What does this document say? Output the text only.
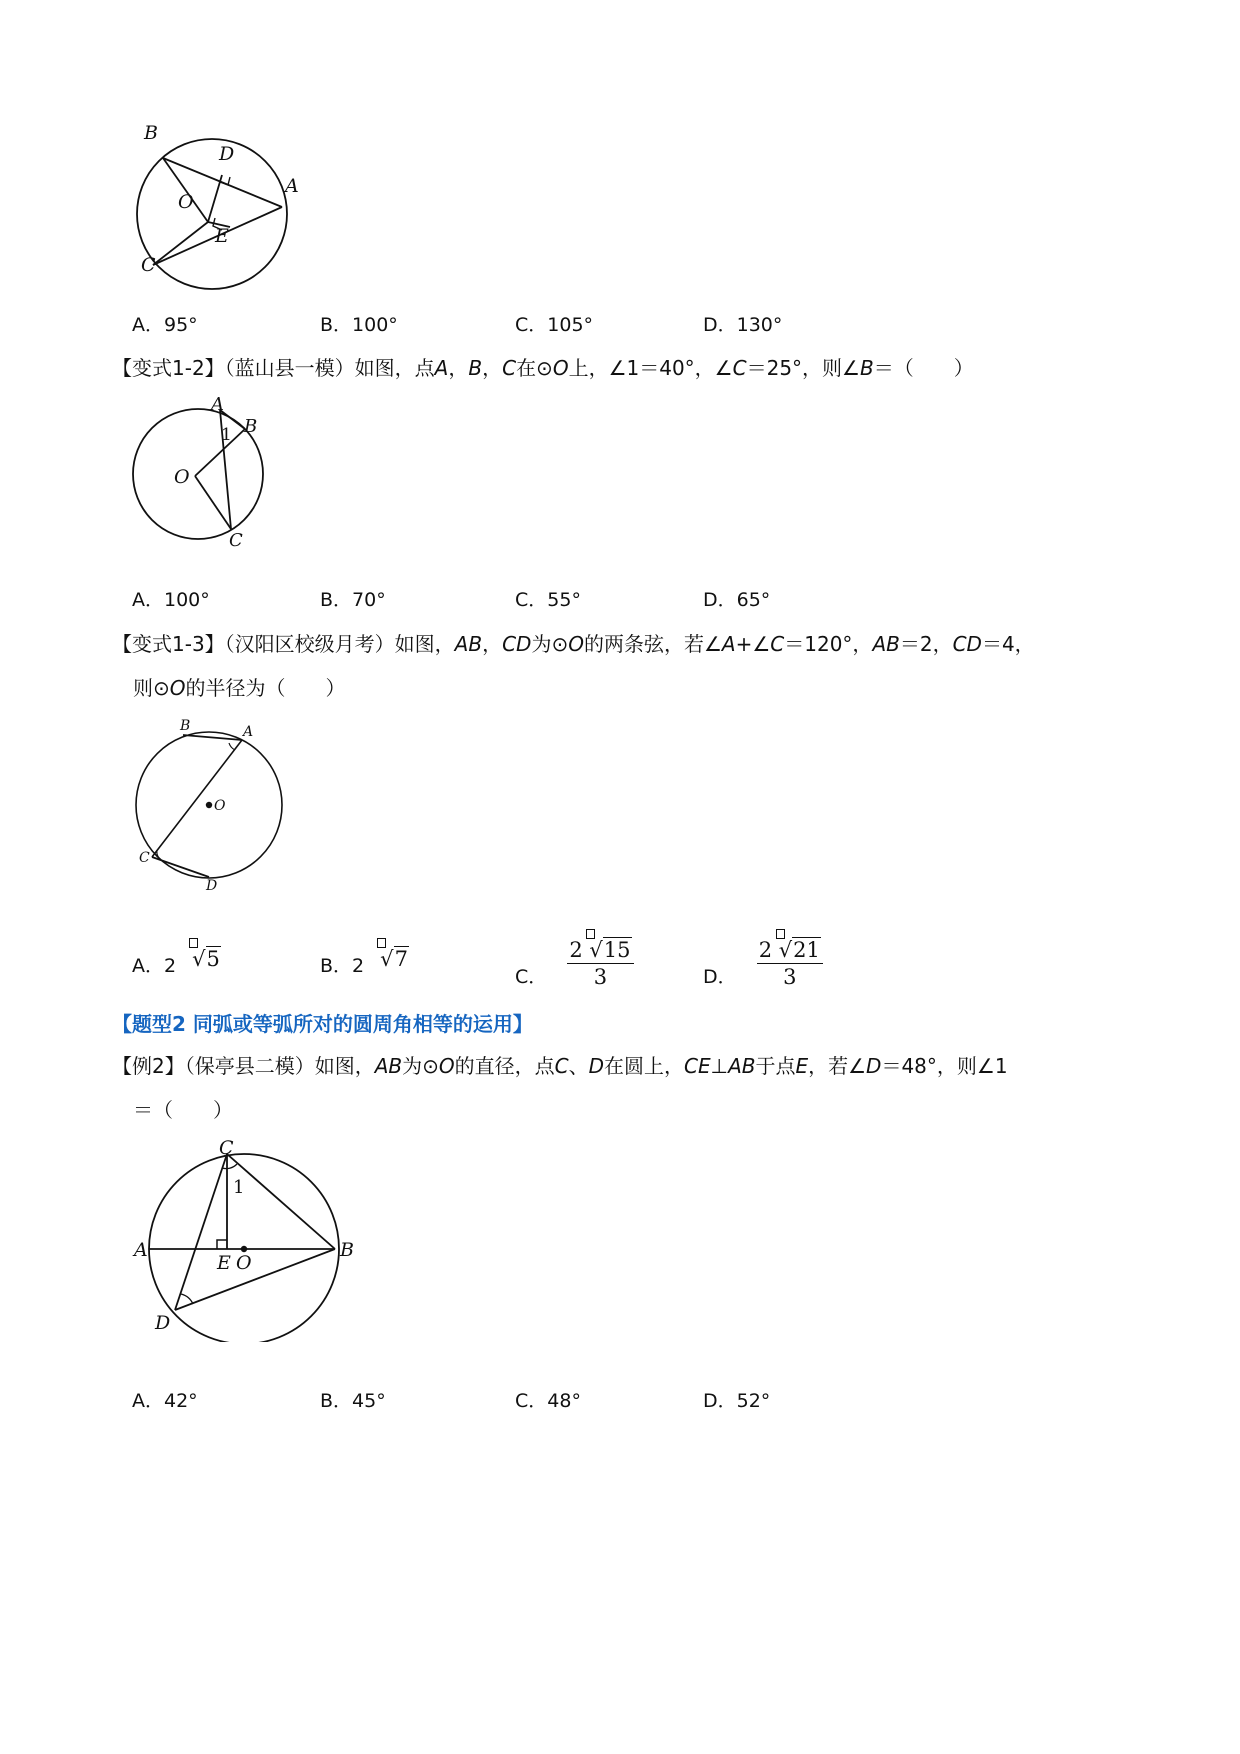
B
D
A
O
E
C
A．95°	B．100°	C．105°	D．130°
【变式1-2】（蓝山县一模）如图，点A，B，C在⊙O上，∠1＝40°，∠C＝25°，则∠B＝（　　）
A
B
1
O
C
A．100°	B．70°	C．55°	D．65°
【变式1-3】（汉阳区校级月考）如图，AB，CD为⊙O的两条弦，若∠A+∠C＝120°，AB＝2，CD＝4，
则⊙O的半径为（　　）
B	A
O
C
D
A．2 √5	B．2 √7
C． $\frac{2 √15}{3}$	D． $\frac{2 √21}{3}$
【题型2 同弧或等弧所对的圆周角相等的运用】
【例2】（保亭县二模）如图，AB为⊙O的直径，点C、D在圆上，CE⊥AB于点E，若∠D＝48°，则∠1
＝（　　）
C
1
A
E O
B
D
A．42°	B．45°	C．48°	D．52°
